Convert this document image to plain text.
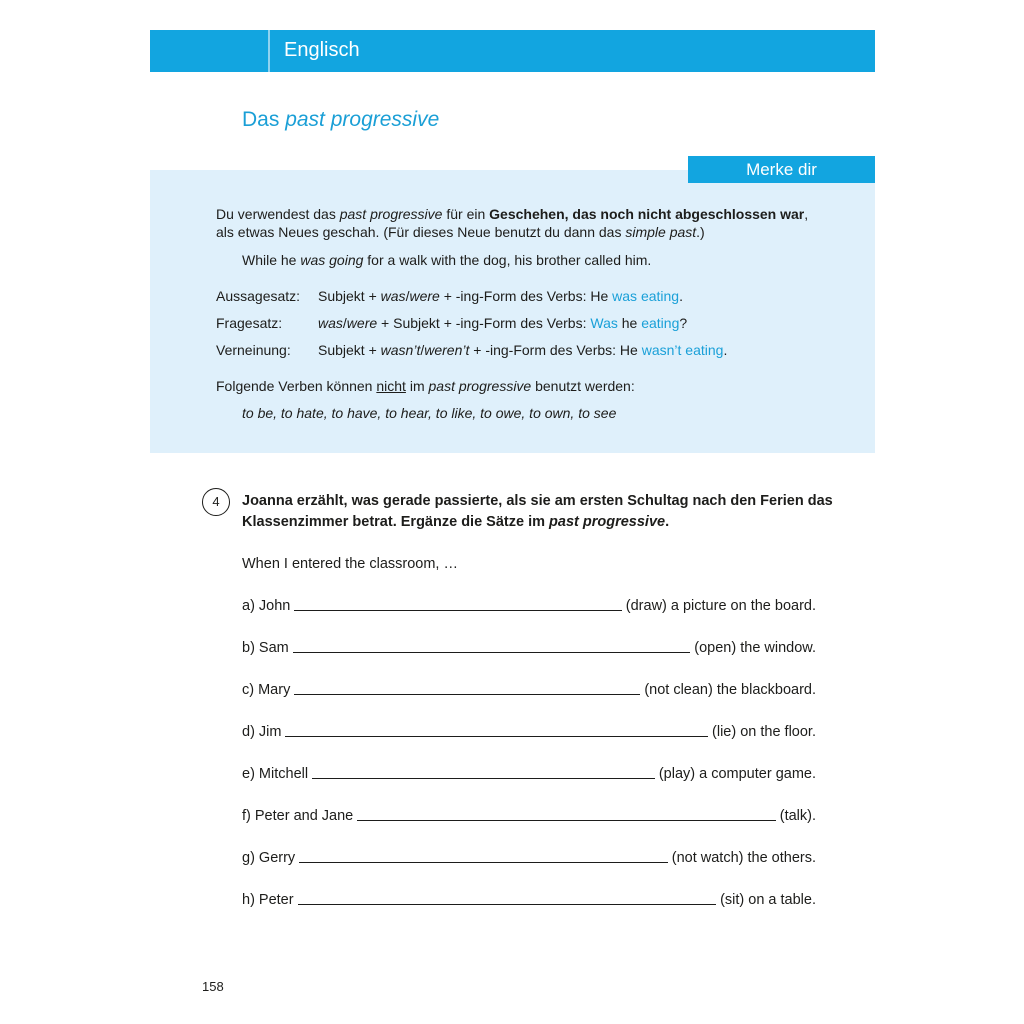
Englisch
Das past progressive
Du verwendest das past progressive für ein Geschehen, das noch nicht abgeschlossen war,
als etwas Neues geschah. (Für dieses Neue benutzt du dann das simple past.)
While he was going for a walk with the dog, his brother called him.
Aussagesatz: Subjekt + was/were + -ing-Form des Verbs: He was eating.
Fragesatz:	was/were + Subjekt + -ing-Form des Verbs: Was he eating?
Verneinung: Subjekt + wasn’t/weren’t + -ing-Form des Verbs: He wasn’t eating.
Folgende Verben können nicht im past progressive benutzt werden:
to be, to hate, to have, to hear, to like, to owe, to own, to see
Merke dir
4	Joanna erzählt, was gerade passierte, als sie am ersten Schultag nach den Ferien das
Klassenzimmer betrat. Ergänze die Sätze im past progressive.
When I entered the classroom, …
a) John	(draw) a picture on the board.
b) Sam	(open) the window.
c) Mary	(not clean) the blackboard.
d) Jim	(lie) on the floor.
e) Mitchell	(play) a computer game.
f) Peter and Jane	(talk).
g) Gerry	(not watch) the others.
h) Peter	(sit) on a table.
158
